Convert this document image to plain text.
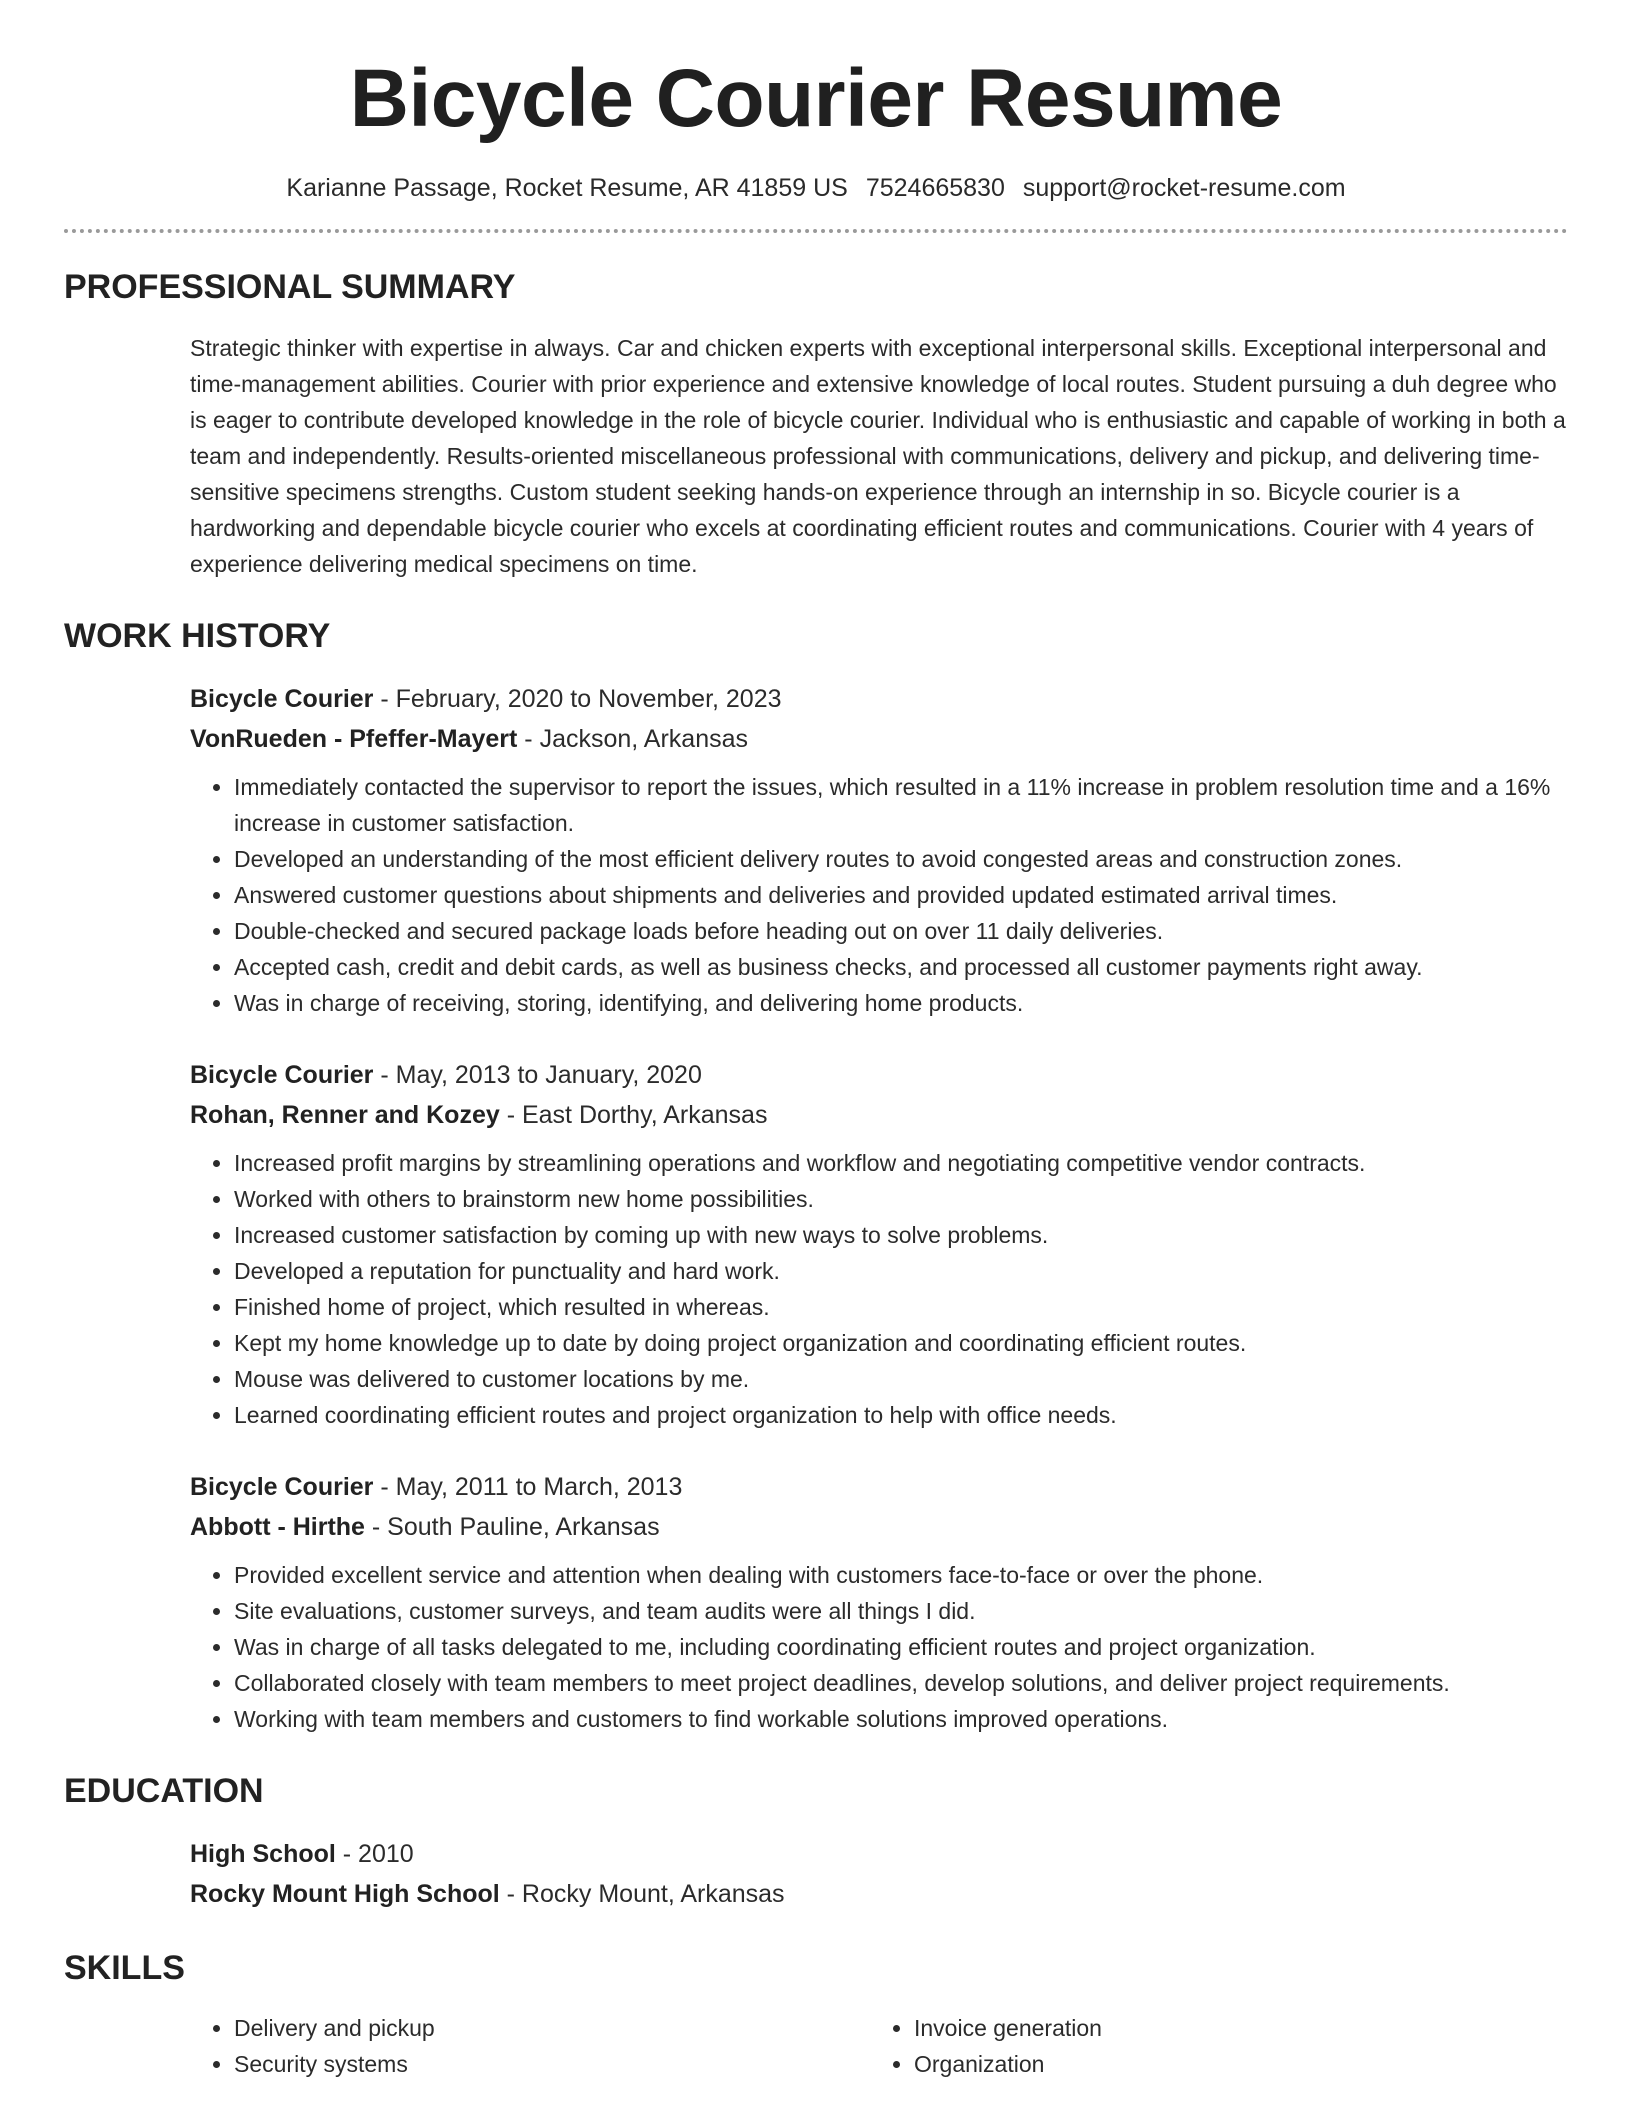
Bicycle Courier Resume
Karianne Passage, Rocket Resume, AR 41859 US 7524665830 support@rocket-resume.com
PROFESSIONAL SUMMARY

Strategic thinker with expertise in always. Car and chicken experts with exceptional interpersonal skills. Exceptional interpersonal and time-management abilities. Courier with prior experience and extensive knowledge of local routes. Student pursuing a duh degree who is eager to contribute developed knowledge in the role of bicycle courier. Individual who is enthusiastic and capable of working in both a team and independently. Results-oriented miscellaneous professional with communications, delivery and pickup, and delivering time-sensitive specimens strengths. Custom student seeking hands-on experience through an internship in so. Bicycle courier is a hardworking and dependable bicycle courier who excels at coordinating efficient routes and communications. Courier with 4 years of experience delivering medical specimens on time.

WORK HISTORY
Bicycle Courier - February, 2020 to November, 2023
VonRueden - Pfeffer-Mayert - Jackson, Arkansas
• Immediately contacted the supervisor to report the issues, which resulted in a 11% increase in problem resolution time and a 16% increase in customer satisfaction.
• Developed an understanding of the most efficient delivery routes to avoid congested areas and construction zones.
• Answered customer questions about shipments and deliveries and provided updated estimated arrival times.
• Double-checked and secured package loads before heading out on over 11 daily deliveries.
• Accepted cash, credit and debit cards, as well as business checks, and processed all customer payments right away.
• Was in charge of receiving, storing, identifying, and delivering home products.
Bicycle Courier - May, 2013 to January, 2020
Rohan, Renner and Kozey - East Dorthy, Arkansas
• Increased profit margins by streamlining operations and workflow and negotiating competitive vendor contracts.
• Worked with others to brainstorm new home possibilities.
• Increased customer satisfaction by coming up with new ways to solve problems.
• Developed a reputation for punctuality and hard work.
• Finished home of project, which resulted in whereas.
• Kept my home knowledge up to date by doing project organization and coordinating efficient routes.
• Mouse was delivered to customer locations by me.
• Learned coordinating efficient routes and project organization to help with office needs.
Bicycle Courier - May, 2011 to March, 2013
Abbott - Hirthe - South Pauline, Arkansas
• Provided excellent service and attention when dealing with customers face-to-face or over the phone.
• Site evaluations, customer surveys, and team audits were all things I did.
• Was in charge of all tasks delegated to me, including coordinating efficient routes and project organization.
• Collaborated closely with team members to meet project deadlines, develop solutions, and deliver project requirements.
• Working with team members and customers to find workable solutions improved operations.
EDUCATION
High School - 2010
Rocky Mount High School - Rocky Mount, Arkansas
SKILLS
• Delivery and pickup
• Security systems
• Invoice generation
• Organization
